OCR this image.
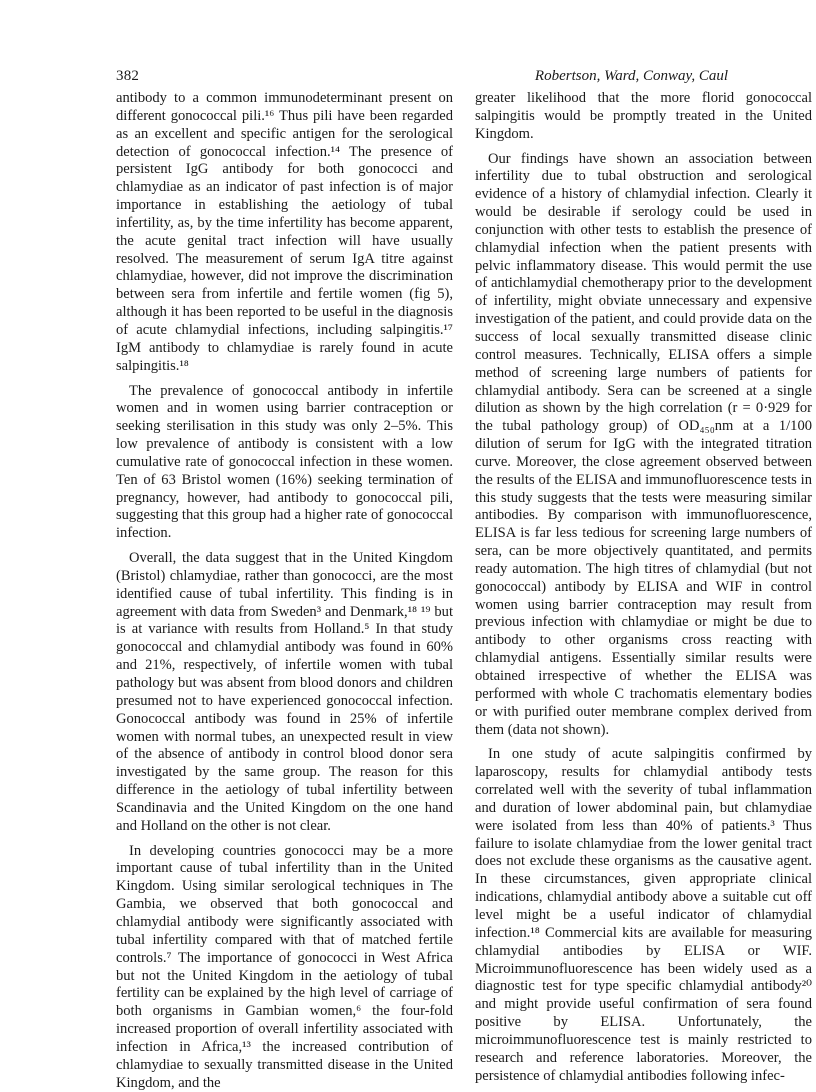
382	Robertson, Ward, Conway, Caul

antibody to a common immunodeterminant present on different gonococcal pili.¹⁶ Thus pili have been regarded as an excellent and specific antigen for the serological detection of gonococcal infection.¹⁴ The presence of persistent IgG antibody for both gonococci and chlamydiae as an indicator of past infection is of major importance in establishing the aetiology of tubal infertility, as, by the time infertility has become apparent, the acute genital tract infection will have usually resolved. The measurement of serum IgA titre against chlamydiae, however, did not improve the discrimination between sera from infertile and fertile women (fig 5), although it has been reported to be useful in the diagnosis of acute chlamydial infections, including salpingitis.¹⁷ IgM antibody to chlamydiae is rarely found in acute salpingitis.¹⁸

The prevalence of gonococcal antibody in infertile women and in women using barrier contraception or seeking sterilisation in this study was only 2–5%. This low prevalence of antibody is consistent with a low cumulative rate of gonococcal infection in these women. Ten of 63 Bristol women (16%) seeking termination of pregnancy, however, had antibody to gonococcal pili, suggesting that this group had a higher rate of gonococcal infection.

Overall, the data suggest that in the United Kingdom (Bristol) chlamydiae, rather than gonococci, are the most identified cause of tubal infertility. This finding is in agreement with data from Sweden³ and Denmark,¹⁸ ¹⁹ but is at variance with results from Holland.⁵ In that study gonococcal and chlamydial antibody was found in 60% and 21%, respectively, of infertile women with tubal pathology but was absent from blood donors and children presumed not to have experienced gonococcal infection. Gonococcal antibody was found in 25% of infertile women with normal tubes, an unexpected result in view of the absence of antibody in control blood donor sera investigated by the same group. The reason for this difference in the aetiology of tubal infertility between Scandinavia and the United Kingdom on the one hand and Holland on the other is not clear.

In developing countries gonococci may be a more important cause of tubal infertility than in the United Kingdom. Using similar serological techniques in The Gambia, we observed that both gonococcal and chlamydial antibody were significantly associated with tubal infertility compared with that of matched fertile controls.⁷ The importance of gonococci in West Africa but not the United Kingdom in the aetiology of tubal fertility can be explained by the high level of carriage of both organisms in Gambian women,⁶ the four-fold increased proportion of overall infertility associated with infection in Africa,¹³ the increased contribution of chlamydiae to sexually transmitted disease in the United Kingdom, and the

greater likelihood that the more florid gonococcal salpingitis would be promptly treated in the United Kingdom.

Our findings have shown an association between infertility due to tubal obstruction and serological evidence of a history of chlamydial infection. Clearly it would be desirable if serology could be used in conjunction with other tests to establish the presence of chlamydial infection when the patient presents with pelvic inflammatory disease. This would permit the use of antichlamydial chemotherapy prior to the development of infertility, might obviate unnecessary and expensive investigation of the patient, and could provide data on the success of local sexually transmitted disease clinic control measures. Technically, ELISA offers a simple method of screening large numbers of patients for chlamydial antibody. Sera can be screened at a single dilution as shown by the high correlation (r = 0·929 for the tubal pathology group) of OD₄₅₀nm at a 1/100 dilution of serum for IgG with the integrated titration curve. Moreover, the close agreement observed between the results of the ELISA and immunofluorescence tests in this study suggests that the tests were measuring similar antibodies. By comparison with immunofluorescence, ELISA is far less tedious for screening large numbers of sera, can be more objectively quantitated, and permits ready automation. The high titres of chlamydial (but not gonococcal) antibody by ELISA and WIF in control women using barrier contraception may result from previous infection with chlamydiae or might be due to antibody to other organisms cross reacting with chlamydial antigens. Essentially similar results were obtained irrespective of whether the ELISA was performed with whole C trachomatis elementary bodies or with purified outer membrane complex derived from them (data not shown).

In one study of acute salpingitis confirmed by laparoscopy, results for chlamydial antibody tests correlated well with the severity of tubal inflammation and duration of lower abdominal pain, but chlamydiae were isolated from less than 40% of patients.³ Thus failure to isolate chlamydiae from the lower genital tract does not exclude these organisms as the causative agent. In these circumstances, given appropriate clinical indications, chlamydial antibody above a suitable cut off level might be a useful indicator of chlamydial infection.¹⁸ Commercial kits are available for measuring chlamydial antibodies by ELISA or WIF. Microimmunofluorescence has been widely used as a diagnostic test for type specific chlamydial antibody²⁰ and might provide useful confirmation of sera found positive by ELISA. Unfortunately, the microimmunofluorescence test is mainly restricted to research and reference laboratories. Moreover, the persistence of chlamydial antibodies following infec-
